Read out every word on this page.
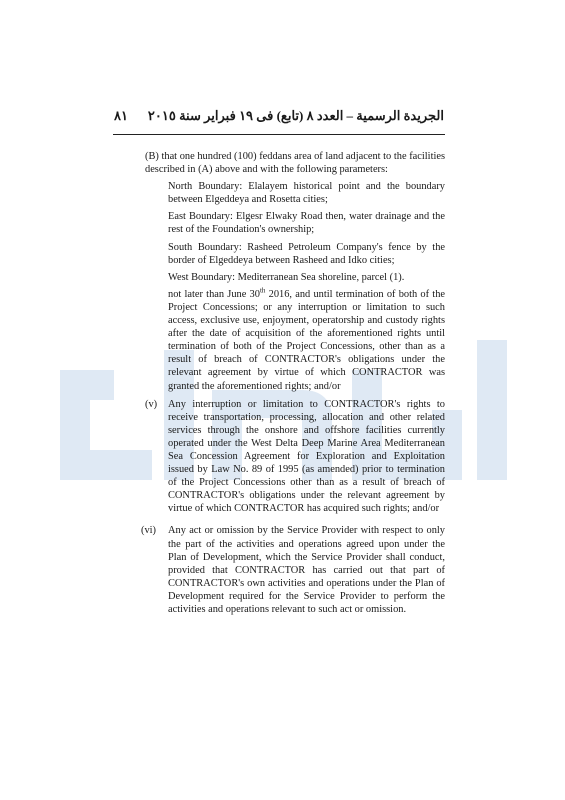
٨١ الجريدة الرسمية – العدد ٨ (تابع) فى ١٩ فبراير سنة ٢٠١٥

(B) that one hundred (100) feddans area of land adjacent to the facilities described in (A) above and with the following parameters:

North Boundary: Elalayem historical point and the boundary between Elgeddeya and Rosetta cities;

East Boundary: Elgesr Elwaky Road then, water drainage and the rest of the Foundation's ownership;

South Boundary: Rasheed Petroleum Company's fence by the border of Elgeddeya between Rasheed and Idko cities;

West Boundary: Mediterranean Sea shoreline, parcel (1).

not later than June 30th 2016, and until termination of both of the Project Concessions; or any interruption or limitation to such access, exclusive use, enjoyment, operatorship and custody rights after the date of acquisition of the aforementioned rights until termination of both of the Project Concessions, other than as a result of breach of CONTRACTOR's obligations under the relevant agreement by virtue of which CONTRACTOR was granted the aforementioned rights; and/or

(v) Any interruption or limitation to CONTRACTOR's rights to receive transportation, processing, allocation and other related services through the onshore and offshore facilities currently operated under the West Delta Deep Marine Area Mediterranean Sea Concession Agreement for Exploration and Exploitation issued by Law No. 89 of 1995 (as amended) prior to termination of the Project Concessions other than as a result of breach of CONTRACTOR's obligations under the relevant agreement by virtue of which CONTRACTOR has acquired such rights; and/or

(vi) Any act or omission by the Service Provider with respect to only the part of the activities and operations agreed upon under the Plan of Development, which the Service Provider shall conduct, provided that CONTRACTOR has carried out that part of CONTRACTOR's own activities and operations under the Plan of Development required for the Service Provider to perform the activities and operations relevant to such act or omission.
